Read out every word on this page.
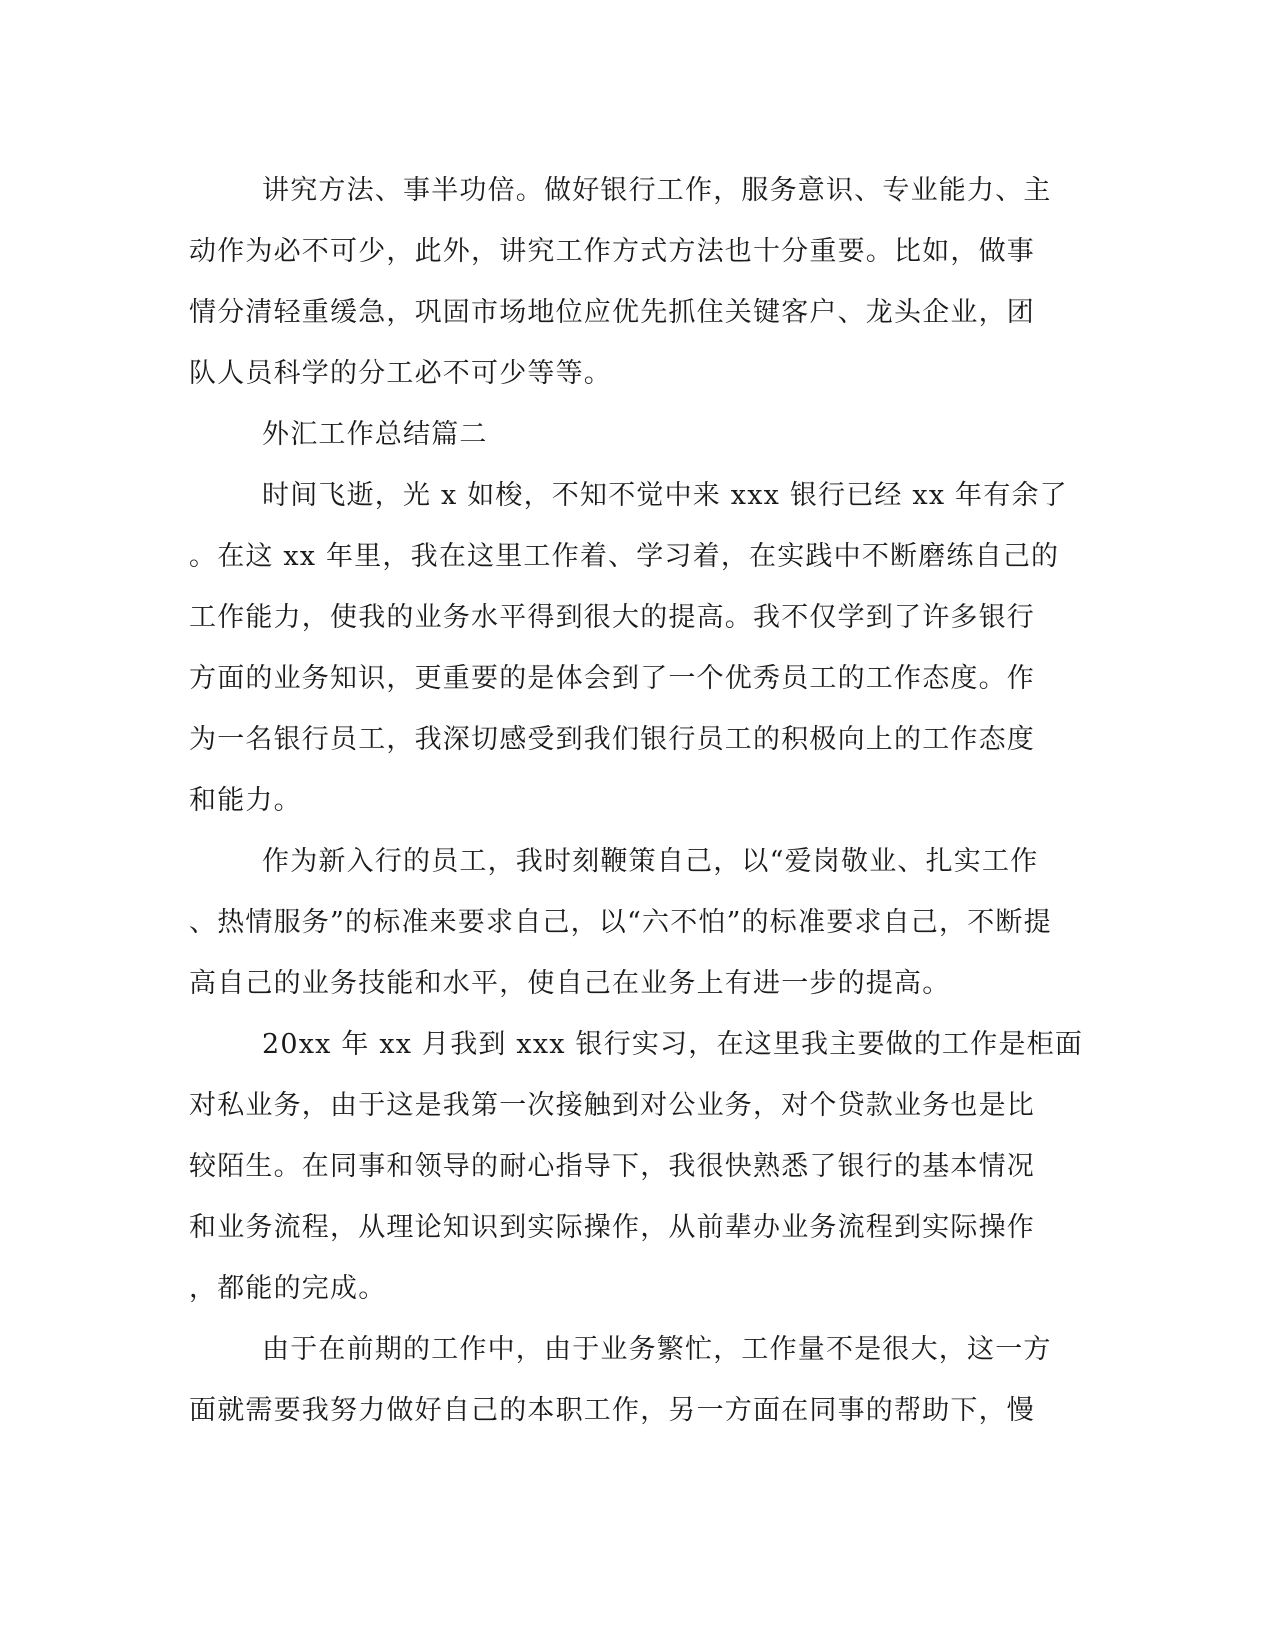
讲究方法、事半功倍。做好银行工作，服务意识、专业能力、主
动作为必不可少，此外，讲究工作方式方法也十分重要。比如，做事
情分清轻重缓急，巩固市场地位应优先抓住关键客户、龙头企业，团
队人员科学的分工必不可少等等。
外汇工作总结篇二
时间飞逝，光 x 如梭，不知不觉中来 xxx 银行已经 xx 年有余了
。在这 xx 年里，我在这里工作着、学习着，在实践中不断磨练自己的
工作能力，使我的业务水平得到很大的提高。我不仅学到了许多银行
方面的业务知识，更重要的是体会到了一个优秀员工的工作态度。作
为一名银行员工，我深切感受到我们银行员工的积极向上的工作态度
和能力。
作为新入行的员工，我时刻鞭策自己，以“爱岗敬业、扎实工作
、热情服务”的标准来要求自己，以“六不怕”的标准要求自己，不断提
高自己的业务技能和水平，使自己在业务上有进一步的提高。
20xx 年 xx 月我到 xxx 银行实习，在这里我主要做的工作是柜面
对私业务，由于这是我第一次接触到对公业务，对个贷款业务也是比
较陌生。在同事和领导的耐心指导下，我很快熟悉了银行的基本情况
和业务流程，从理论知识到实际操作，从前辈办业务流程到实际操作
，都能的完成。
由于在前期的工作中，由于业务繁忙，工作量不是很大，这一方
面就需要我努力做好自己的本职工作，另一方面在同事的帮助下，慢
